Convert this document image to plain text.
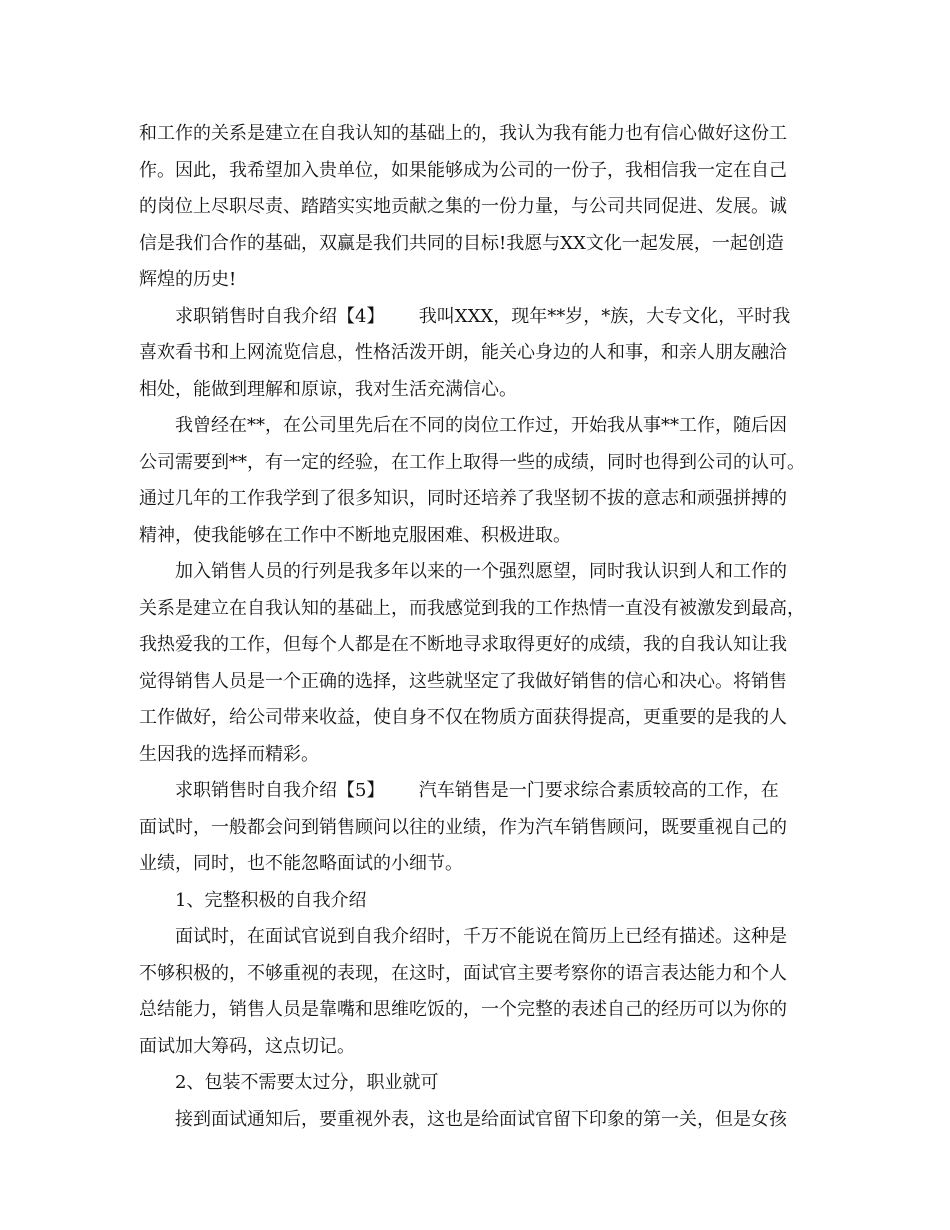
和工作的关系是建立在自我认知的基础上的，我认为我有能力也有信心做好这份工
作。因此，我希望加入贵单位，如果能够成为公司的一份子，我相信我一定在自己
的岗位上尽职尽责、踏踏实实地贡献之集的一份力量，与公司共同促进、发展。诚
信是我们合作的基础，双赢是我们共同的目标!我愿与XX文化一起发展，一起创造
辉煌的历史!
求职销售时自我介绍【4】      我叫XXX，现年**岁，*族，大专文化，平时我
喜欢看书和上网流览信息，性格活泼开朗，能关心身边的人和事，和亲人朋友融洽
相处，能做到理解和原谅，我对生活充满信心。
我曾经在**，在公司里先后在不同的岗位工作过，开始我从事**工作，随后因
公司需要到**，有一定的经验，在工作上取得一些的成绩，同时也得到公司的认可。
通过几年的工作我学到了很多知识，同时还培养了我坚韧不拔的意志和顽强拼搏的
精神，使我能够在工作中不断地克服困难、积极进取。
加入销售人员的行列是我多年以来的一个强烈愿望，同时我认识到人和工作的
关系是建立在自我认知的基础上，而我感觉到我的工作热情一直没有被激发到最高，
我热爱我的工作，但每个人都是在不断地寻求取得更好的成绩，我的自我认知让我
觉得销售人员是一个正确的选择，这些就坚定了我做好销售的信心和决心。将销售
工作做好，给公司带来收益，使自身不仅在物质方面获得提高，更重要的是我的人
生因我的选择而精彩。
求职销售时自我介绍【5】      汽车销售是一门要求综合素质较高的工作，在
面试时，一般都会问到销售顾问以往的业绩，作为汽车销售顾问，既要重视自己的
业绩，同时，也不能忽略面试的小细节。
1、完整积极的自我介绍
面试时，在面试官说到自我介绍时，千万不能说在简历上已经有描述。这种是
不够积极的，不够重视的表现，在这时，面试官主要考察你的语言表达能力和个人
总结能力，销售人员是靠嘴和思维吃饭的，一个完整的表述自己的经历可以为你的
面试加大筹码，这点切记。
2、包装不需要太过分，职业就可
接到面试通知后，要重视外表，这也是给面试官留下印象的第一关，但是女孩
